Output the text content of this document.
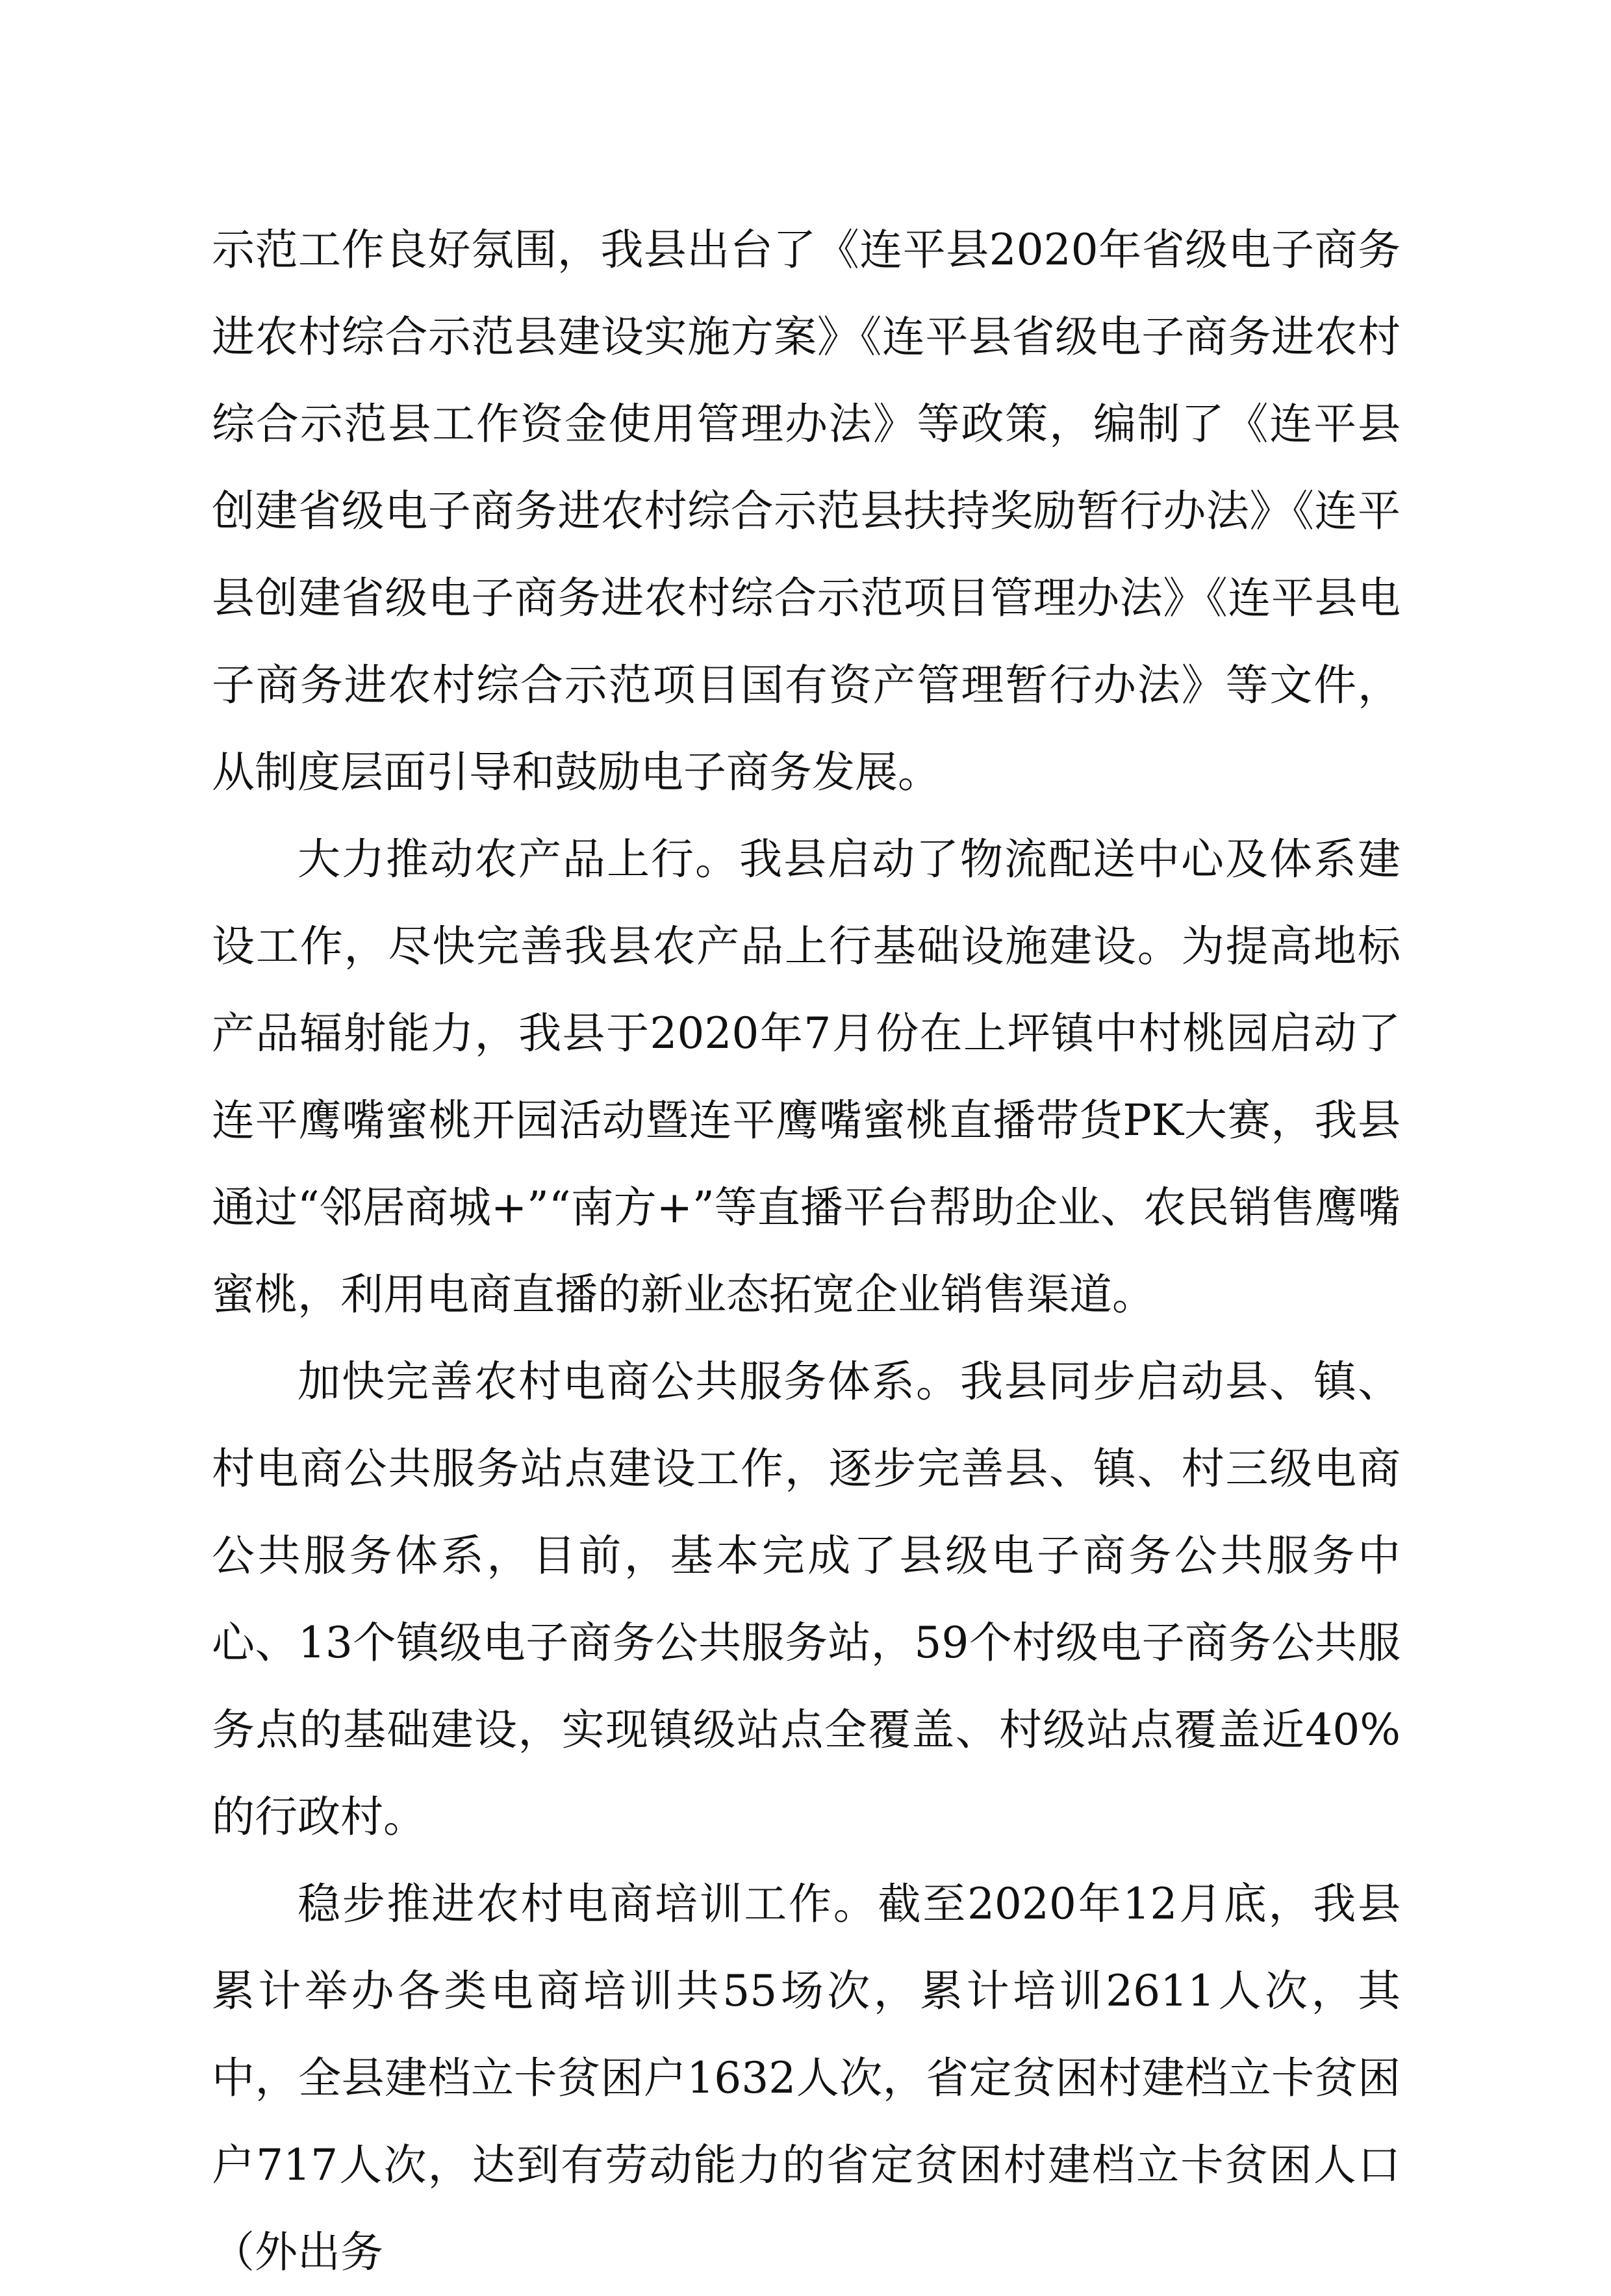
示范工作良好氛围，我县出台了《连平县2020年省级电子商务进农村综合示范县建设实施方案》《连平县省级电子商务进农村综合示范县工作资金使用管理办法》等政策，编制了《连平县创建省级电子商务进农村综合示范县扶持奖励暂行办法》《连平县创建省级电子商务进农村综合示范项目管理办法》《连平县电子商务进农村综合示范项目国有资产管理暂行办法》等文件，从制度层面引导和鼓励电子商务发展。

大力推动农产品上行。我县启动了物流配送中心及体系建设工作，尽快完善我县农产品上行基础设施建设。为提高地标产品辐射能力，我县于2020年7月份在上坪镇中村桃园启动了连平鹰嘴蜜桃开园活动暨连平鹰嘴蜜桃直播带货PK大赛，我县通过“邻居商城+”“南方+”等直播平台帮助企业、农民销售鹰嘴蜜桃，利用电商直播的新业态拓宽企业销售渠道。

加快完善农村电商公共服务体系。我县同步启动县、镇、村电商公共服务站点建设工作，逐步完善县、镇、村三级电商公共服务体系，目前，基本完成了县级电子商务公共服务中心、13个镇级电子商务公共服务站，59个村级电子商务公共服务点的基础建设，实现镇级站点全覆盖、村级站点覆盖近40%的行政村。

稳步推进农村电商培训工作。截至2020年12月底，我县累计举办各类电商培训共55场次，累计培训2611人次，其中，全县建档立卡贫困户1632人次，省定贫困村建档立卡贫困户717人次，达到有劳动能力的省定贫困村建档立卡贫困人口（外出务
